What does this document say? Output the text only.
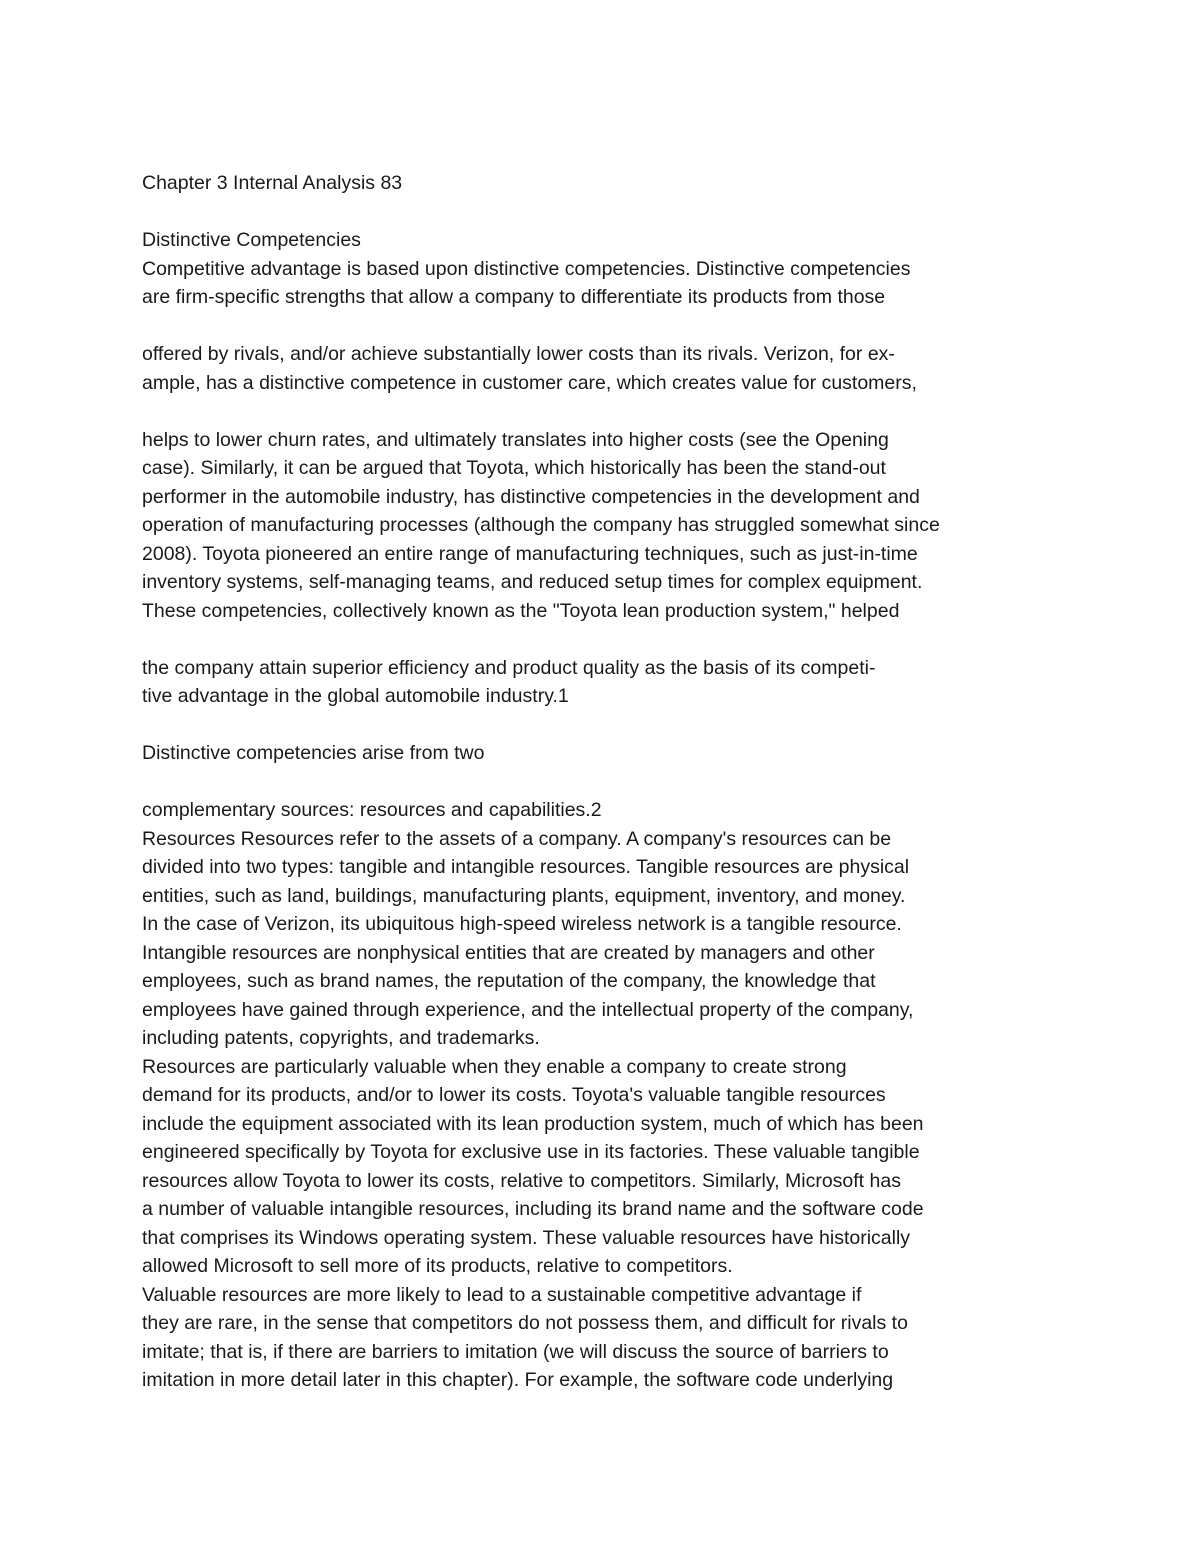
Chapter 3 Internal Analysis 83
Distinctive Competencies
Competitive advantage is based upon distinctive competencies. Distinctive competencies
are firm-specific strengths that allow a company to differentiate its products from those
offered by rivals, and/or achieve substantially lower costs than its rivals. Verizon, for ex-
ample, has a distinctive competence in customer care, which creates value for customers,
helps to lower churn rates, and ultimately translates into higher costs (see the Opening
case). Similarly, it can be argued that Toyota, which historically has been the stand-out
performer in the automobile industry, has distinctive competencies in the development and
operation of manufacturing processes (although the company has struggled somewhat since
2008). Toyota pioneered an entire range of manufacturing techniques, such as just-in-time
inventory systems, self-managing teams, and reduced setup times for complex equipment.
These competencies, collectively known as the "Toyota lean production system," helped
the company attain superior efficiency and product quality as the basis of its competi-
tive advantage in the global automobile industry.1
Distinctive competencies arise from two
complementary sources: resources and capabilities.2
Resources Resources refer to the assets of a company. A company's resources can be
divided into two types: tangible and intangible resources. Tangible resources are physical
entities, such as land, buildings, manufacturing plants, equipment, inventory, and money.
In the case of Verizon, its ubiquitous high-speed wireless network is a tangible resource.
Intangible resources are nonphysical entities that are created by managers and other
employees, such as brand names, the reputation of the company, the knowledge that
employees have gained through experience, and the intellectual property of the company,
including patents, copyrights, and trademarks.
Resources are particularly valuable when they enable a company to create strong
demand for its products, and/or to lower its costs. Toyota's valuable tangible resources
include the equipment associated with its lean production system, much of which has been
engineered specifically by Toyota for exclusive use in its factories. These valuable tangible
resources allow Toyota to lower its costs, relative to competitors. Similarly, Microsoft has
a number of valuable intangible resources, including its brand name and the software code
that comprises its Windows operating system. These valuable resources have historically
allowed Microsoft to sell more of its products, relative to competitors.
Valuable resources are more likely to lead to a sustainable competitive advantage if
they are rare, in the sense that competitors do not possess them, and difficult for rivals to
imitate; that is, if there are barriers to imitation (we will discuss the source of barriers to
imitation in more detail later in this chapter). For example, the software code underlying
